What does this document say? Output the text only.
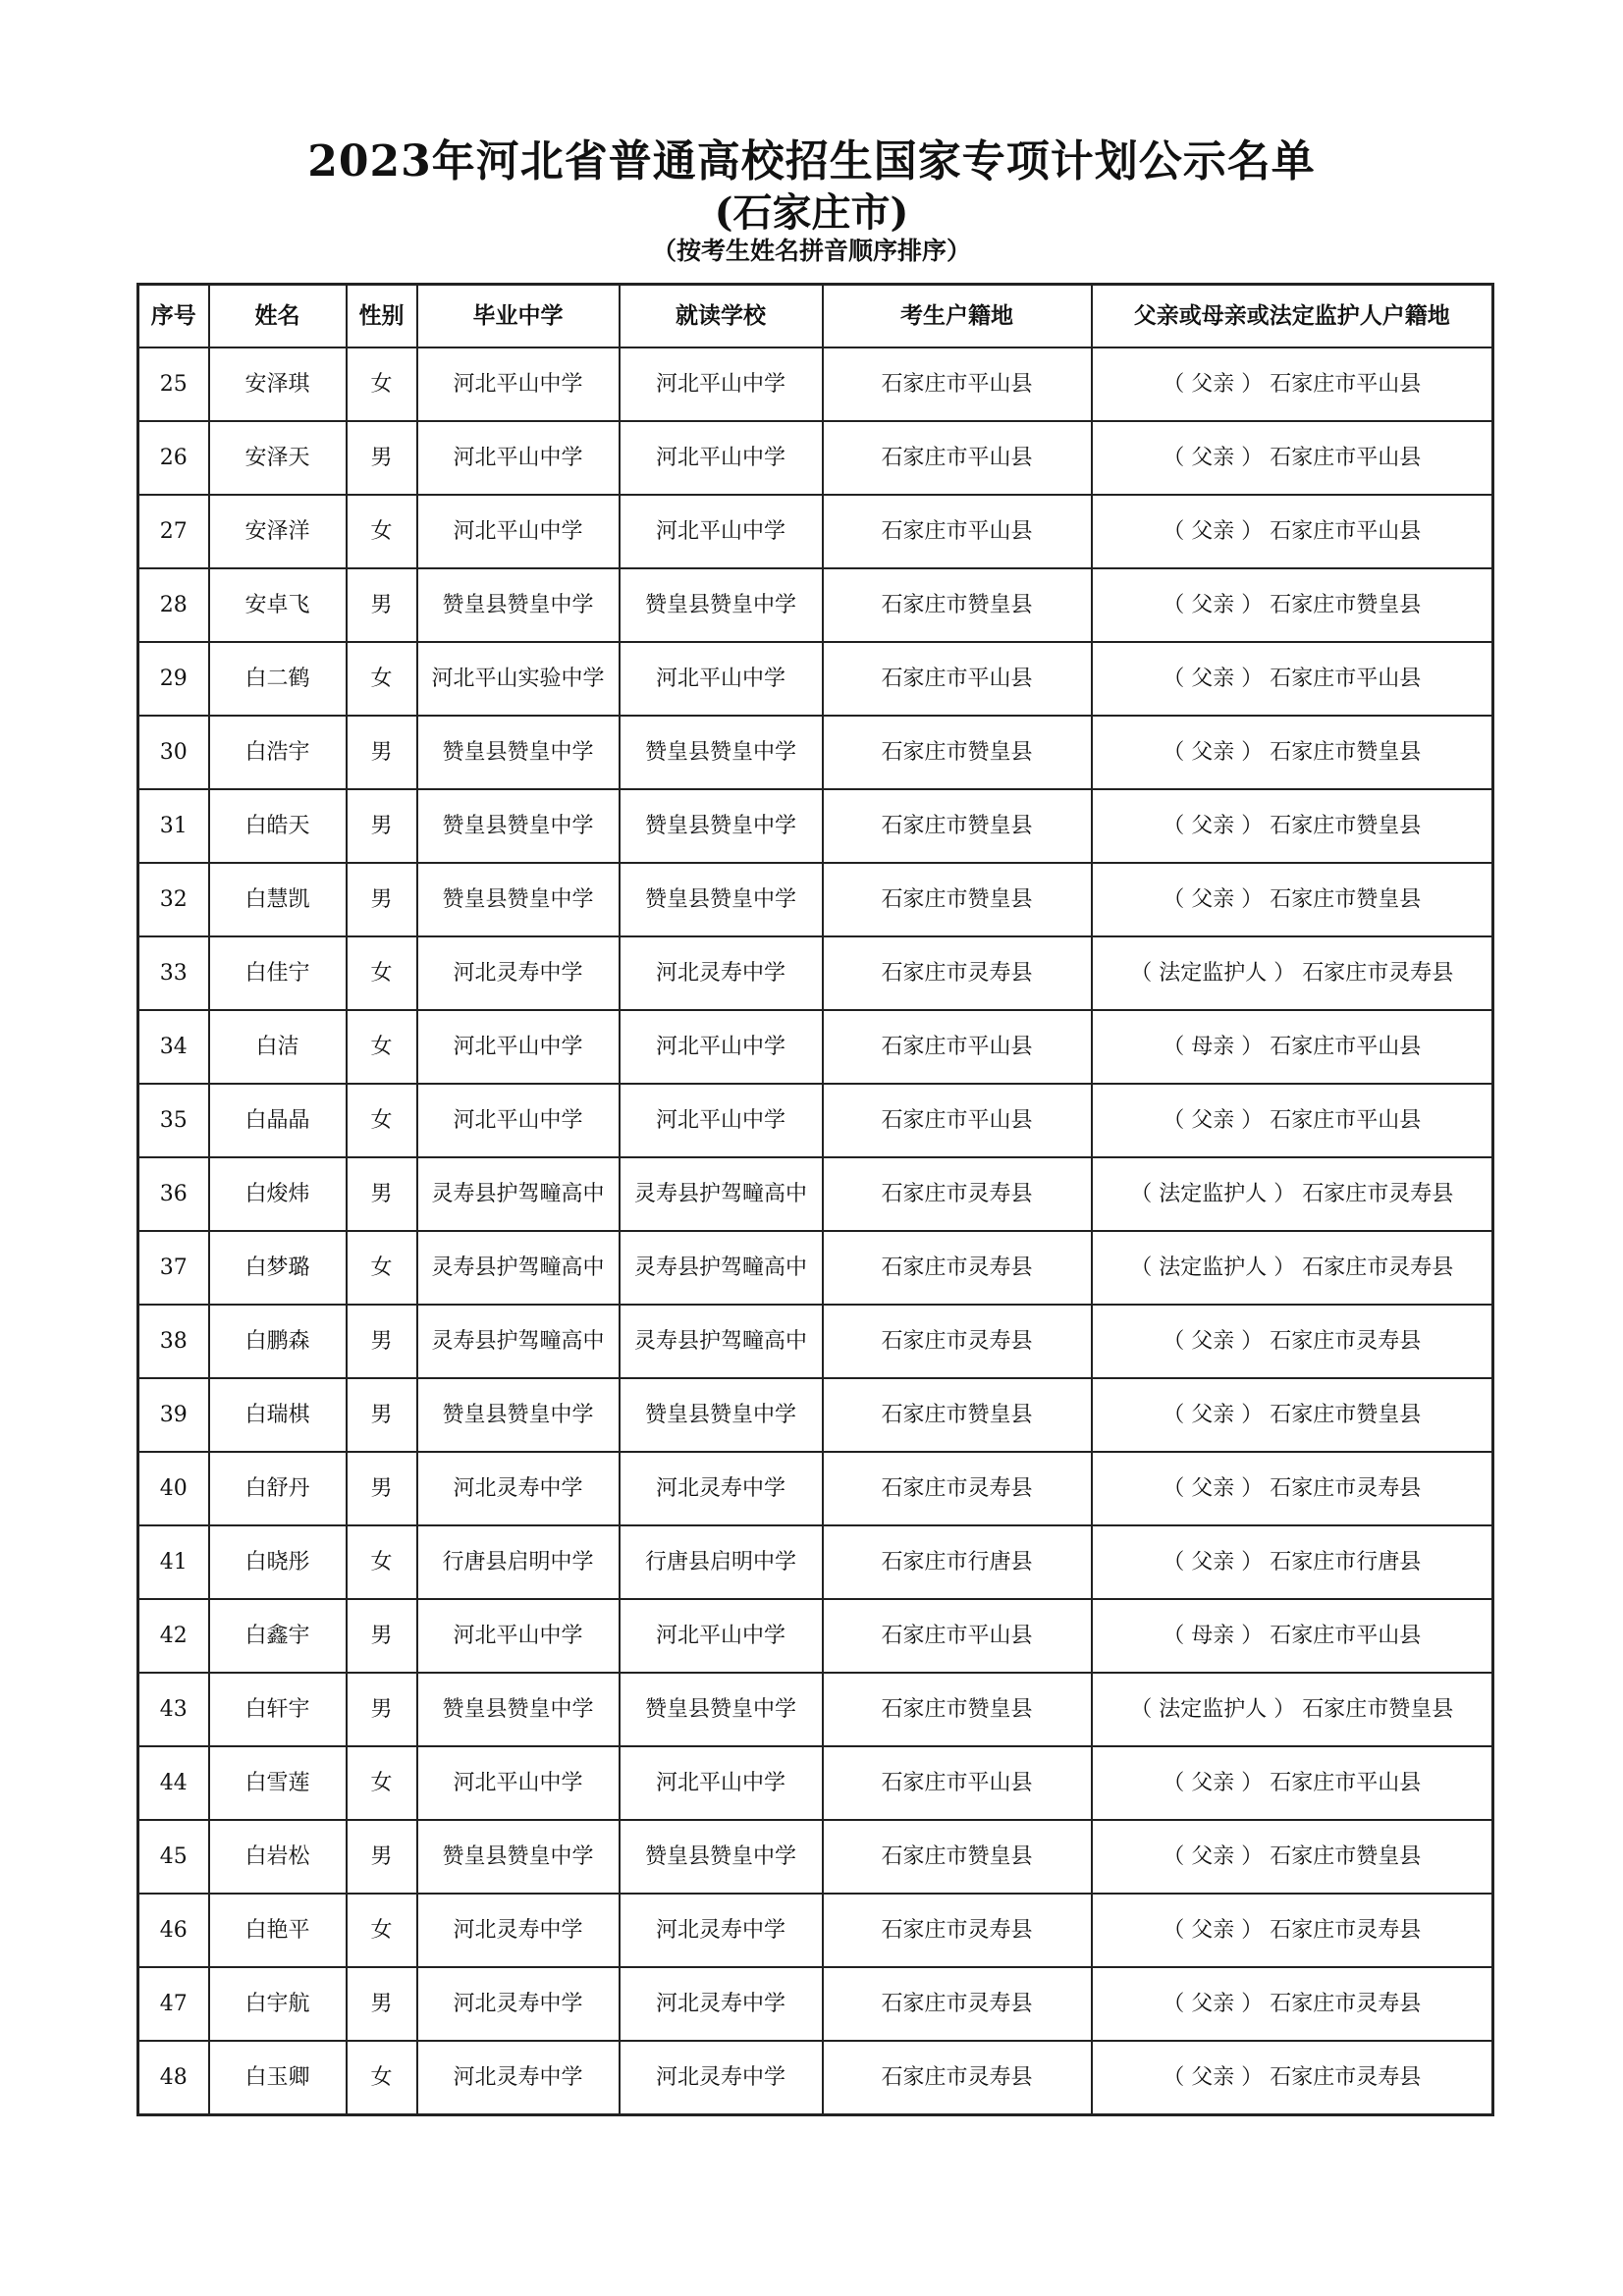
2023年河北省普通高校招生国家专项计划公示名单
(石家庄市)
（按考生姓名拼音顺序排序）
序号	姓名	性别	毕业中学	就读学校	考生户籍地	父亲或母亲或法定监护人户籍地
25	安泽琪	女	河北平山中学	河北平山中学	石家庄市平山县	（ 父亲 ） 石家庄市平山县
26	安泽天	男	河北平山中学	河北平山中学	石家庄市平山县	（ 父亲 ） 石家庄市平山县
27	安泽洋	女	河北平山中学	河北平山中学	石家庄市平山县	（ 父亲 ） 石家庄市平山县
28	安卓飞	男	赞皇县赞皇中学	赞皇县赞皇中学	石家庄市赞皇县	（ 父亲 ） 石家庄市赞皇县
29	白二鹤	女	河北平山实验中学	河北平山中学	石家庄市平山县	（ 父亲 ） 石家庄市平山县
30	白浩宇	男	赞皇县赞皇中学	赞皇县赞皇中学	石家庄市赞皇县	（ 父亲 ） 石家庄市赞皇县
31	白皓天	男	赞皇县赞皇中学	赞皇县赞皇中学	石家庄市赞皇县	（ 父亲 ） 石家庄市赞皇县
32	白慧凯	男	赞皇县赞皇中学	赞皇县赞皇中学	石家庄市赞皇县	（ 父亲 ） 石家庄市赞皇县
33	白佳宁	女	河北灵寿中学	河北灵寿中学	石家庄市灵寿县	（ 法定监护人 ） 石家庄市灵寿县
34	白洁	女	河北平山中学	河北平山中学	石家庄市平山县	（ 母亲 ） 石家庄市平山县
35	白晶晶	女	河北平山中学	河北平山中学	石家庄市平山县	（ 父亲 ） 石家庄市平山县
36	白焌炜	男	灵寿县护驾疃高中	灵寿县护驾疃高中	石家庄市灵寿县	（ 法定监护人 ） 石家庄市灵寿县
37	白梦璐	女	灵寿县护驾疃高中	灵寿县护驾疃高中	石家庄市灵寿县	（ 法定监护人 ） 石家庄市灵寿县
38	白鹏森	男	灵寿县护驾疃高中	灵寿县护驾疃高中	石家庄市灵寿县	（ 父亲 ） 石家庄市灵寿县
39	白瑞棋	男	赞皇县赞皇中学	赞皇县赞皇中学	石家庄市赞皇县	（ 父亲 ） 石家庄市赞皇县
40	白舒丹	男	河北灵寿中学	河北灵寿中学	石家庄市灵寿县	（ 父亲 ） 石家庄市灵寿县
41	白晓彤	女	行唐县启明中学	行唐县启明中学	石家庄市行唐县	（ 父亲 ） 石家庄市行唐县
42	白鑫宇	男	河北平山中学	河北平山中学	石家庄市平山县	（ 母亲 ） 石家庄市平山县
43	白轩宇	男	赞皇县赞皇中学	赞皇县赞皇中学	石家庄市赞皇县	（ 法定监护人 ） 石家庄市赞皇县
44	白雪莲	女	河北平山中学	河北平山中学	石家庄市平山县	（ 父亲 ） 石家庄市平山县
45	白岩松	男	赞皇县赞皇中学	赞皇县赞皇中学	石家庄市赞皇县	（ 父亲 ） 石家庄市赞皇县
46	白艳平	女	河北灵寿中学	河北灵寿中学	石家庄市灵寿县	（ 父亲 ） 石家庄市灵寿县
47	白宇航	男	河北灵寿中学	河北灵寿中学	石家庄市灵寿县	（ 父亲 ） 石家庄市灵寿县
48	白玉卿	女	河北灵寿中学	河北灵寿中学	石家庄市灵寿县	（ 父亲 ） 石家庄市灵寿县
